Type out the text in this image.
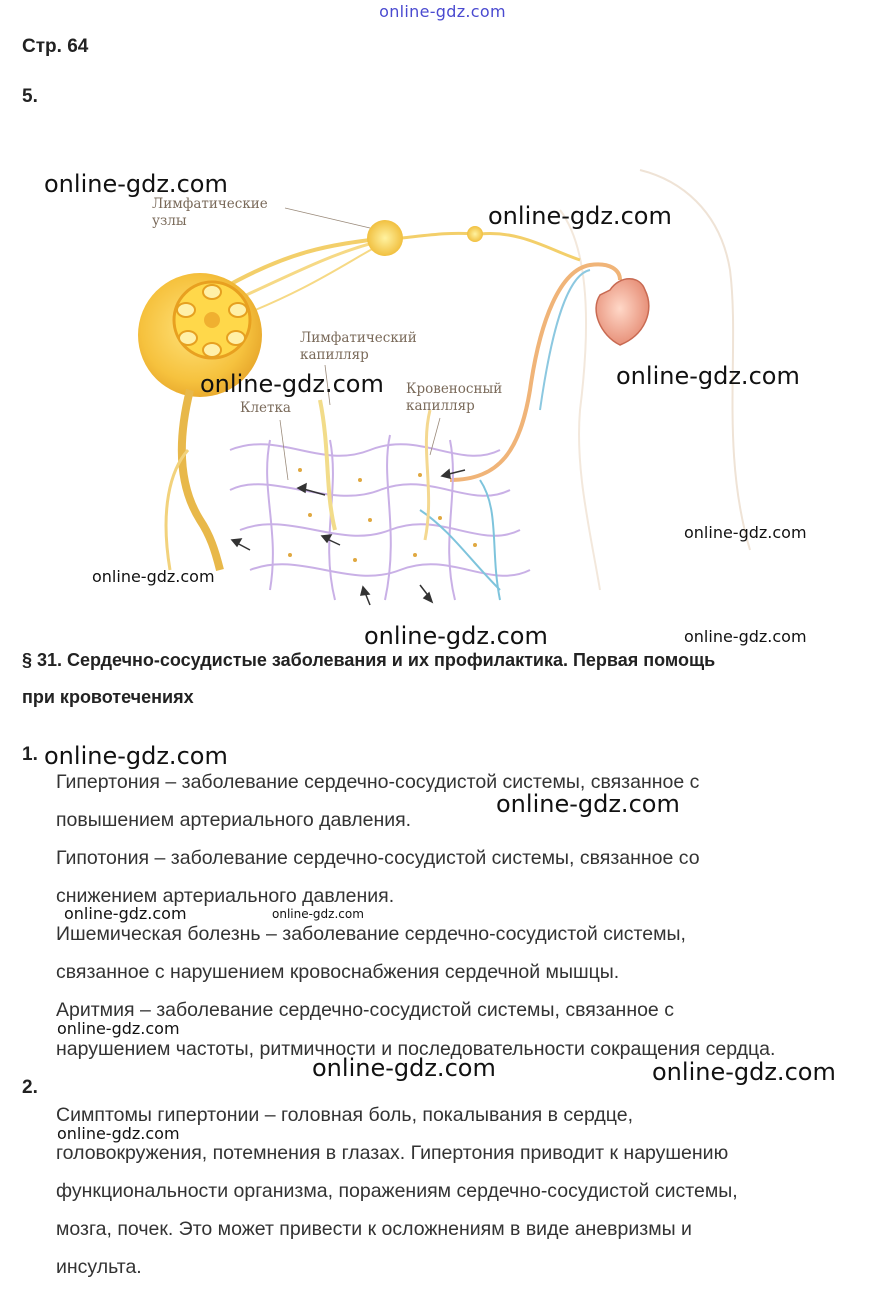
online-gdz.com
Стр. 64
5.
Лимфатические
узлы
Лимфатический
капилляр
Клетка
Кровеносный
капилляр
§ 31. Сердечно-сосудистые заболевания и их профилактика. Первая помощь
при кровотечениях
1.
Гипертония – заболевание сердечно-сосудистой системы, связанное с
повышением артериального давления.
Гипотония – заболевание сердечно-сосудистой системы, связанное со
снижением артериального давления.
Ишемическая болезнь – заболевание сердечно-сосудистой системы,
связанное с нарушением кровоснабжения сердечной мышцы.
Аритмия – заболевание сердечно-сосудистой системы, связанное с
нарушением частоты, ритмичности и последовательности сокращения сердца.
2.
Симптомы гипертонии – головная боль, покалывания в сердце,
головокружения, потемнения в глазах. Гипертония приводит к нарушению
функциональности организма, поражениям сердечно-сосудистой системы,
мозга, почек. Это может привести к осложнениям в виде аневризмы и
инсульта.
online-gdz.com
online-gdz.com
online-gdz.com	online-gdz.com
online-gdz.com
online-gdz.com
online-gdz.com	online-gdz.com
online-gdz.com
online-gdz.com
online-gdz.com	online-gdz.com
online-gdz.com
online-gdz.com	online-gdz.com
online-gdz.com
